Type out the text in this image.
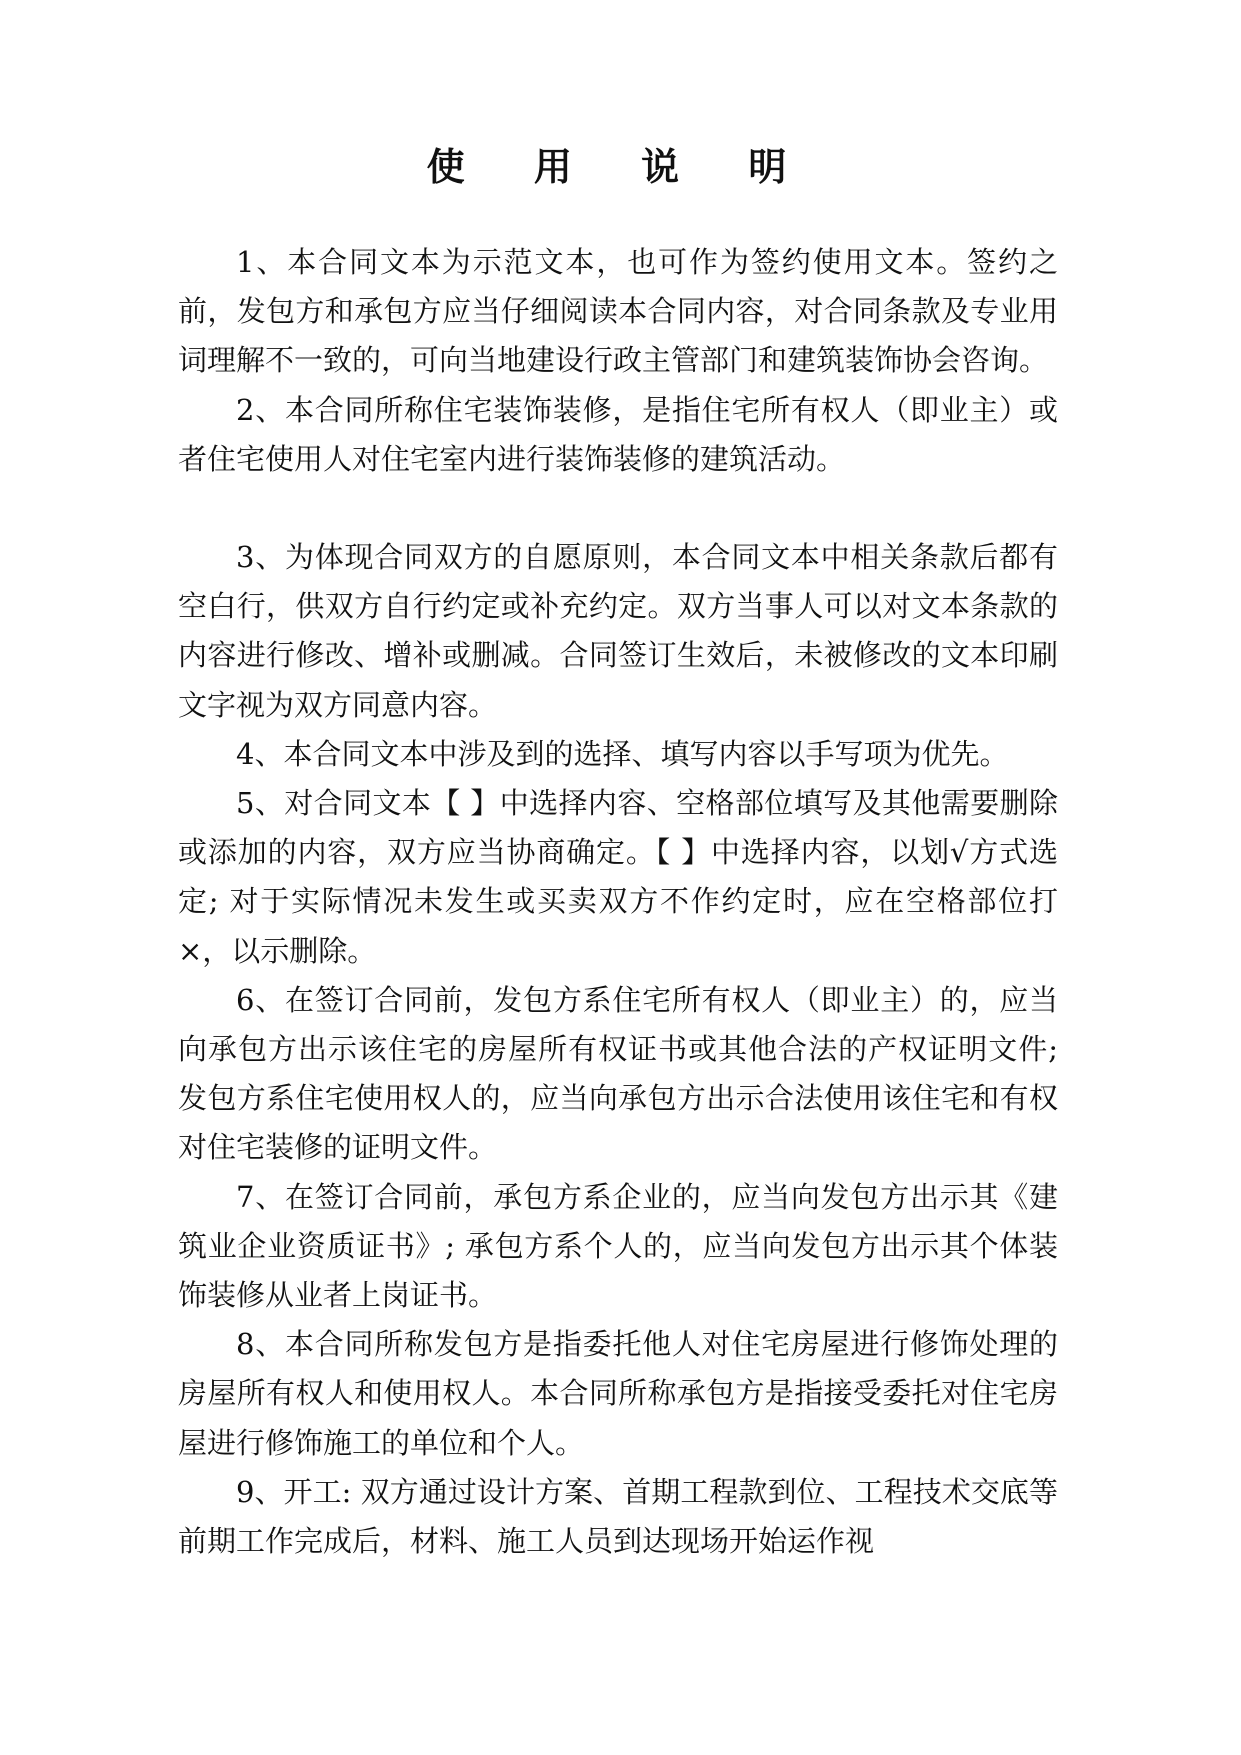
使 用 说 明

1、本合同文本为示范文本，也可作为签约使用文本。签约之前，发包方和承包方应当仔细阅读本合同内容，对合同条款及专业用词理解不一致的，可向当地建设行政主管部门和建筑装饰协会咨询。

2、本合同所称住宅装饰装修，是指住宅所有权人（即业主）或者住宅使用人对住宅室内进行装饰装修的建筑活动。

3、为体现合同双方的自愿原则，本合同文本中相关条款后都有空白行，供双方自行约定或补充约定。双方当事人可以对文本条款的内容进行修改、增补或删减。合同签订生效后，未被修改的文本印刷文字视为双方同意内容。

4、本合同文本中涉及到的选择、填写内容以手写项为优先。

5、对合同文本【 】中选择内容、空格部位填写及其他需要删除或添加的内容，双方应当协商确定。【 】中选择内容，以划√方式选定; 对于实际情况未发生或买卖双方不作约定时，应在空格部位打×，以示删除。

6、在签订合同前，发包方系住宅所有权人（即业主）的，应当向承包方出示该住宅的房屋所有权证书或其他合法的产权证明文件; 发包方系住宅使用权人的，应当向承包方出示合法使用该住宅和有权对住宅装修的证明文件。

7、在签订合同前，承包方系企业的，应当向发包方出示其《建筑业企业资质证书》; 承包方系个人的，应当向发包方出示其个体装饰装修从业者上岗证书。

8、本合同所称发包方是指委托他人对住宅房屋进行修饰处理的房屋所有权人和使用权人。本合同所称承包方是指接受委托对住宅房屋进行修饰施工的单位和个人。

9、开工: 双方通过设计方案、首期工程款到位、工程技术交底等前期工作完成后，材料、施工人员到达现场开始运作视
